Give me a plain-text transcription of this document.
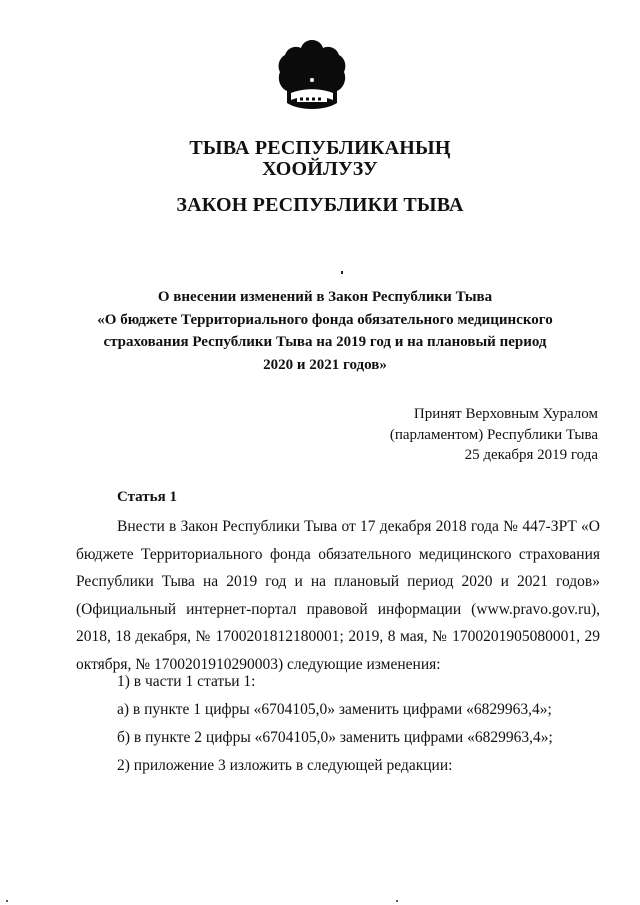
ТЫВА РЕСПУБЛИКАНЫҢ
ХООЙЛУЗУ
ЗАКОН РЕСПУБЛИКИ ТЫВА
О внесении изменений в Закон Республики Тыва
«О бюджете Территориального фонда обязательного медицинского
страхования Республики Тыва на 2019 год и на плановый период
2020 и 2021 годов»
Принят Верховным Хуралом
(парламентом) Республики Тыва
25 декабря 2019 года
Статья 1
Внести в Закон Республики Тыва от 17 декабря 2018 года № 447-ЗРТ «О
бюджете Территориального фонда обязательного медицинского страхования
Республики Тыва на 2019 год и на плановый период 2020 и 2021 годов»
(Официальный интернет-портал правовой информации (www.pravo.gov.ru),
2018, 18 декабря, № 1700201812180001; 2019, 8 мая, № 1700201905080001, 29
октября, № 1700201910290003) следующие изменения:
1) в части 1 статьи 1:
а) в пункте 1 цифры «6704105,0» заменить цифрами «6829963,4»;
б) в пункте 2 цифры «6704105,0» заменить цифрами «6829963,4»;
2) приложение 3 изложить в следующей редакции:
